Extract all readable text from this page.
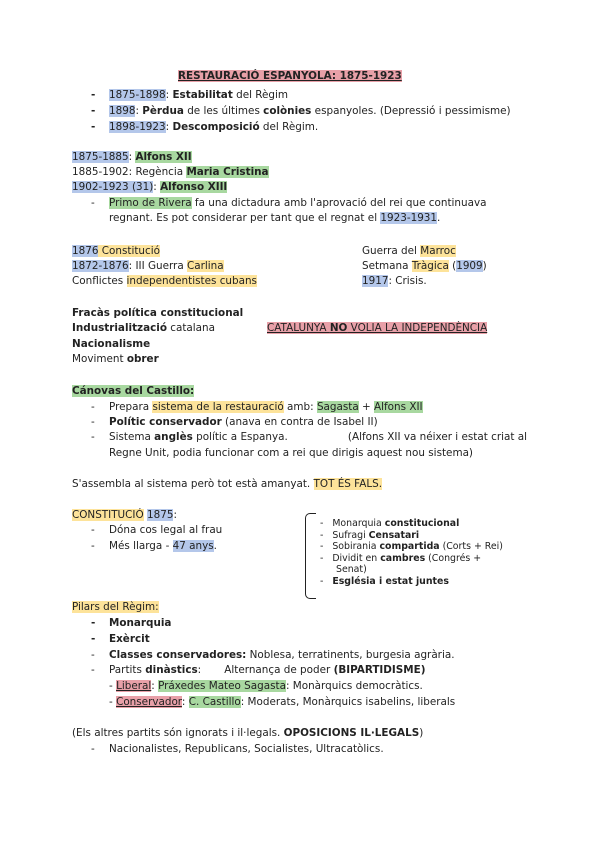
RESTAURACIÓ ESPANYOLA: 1875-1923
- 1875-1898: Estabilitat del Règim
- 1898: Pèrdua de les últimes colònies espanyoles. (Depressió i pessimisme)
- 1898-1923: Descomposició del Règim.
1875-1885: Alfons XII
1885-1902: Regència Maria Cristina
1902-1923 (31): Alfonso XIII
- Primo de Rivera fa una dictadura amb l'aprovació del rei que continuava
regnant. Es pot considerar per tant que el regnat el 1923-1931.
1876 Constitució
1872-1876: III Guerra Carlina
Conflictes independentistes cubans
Guerra del Marroc
Setmana Tràgica (1909)
1917: Crisis.
Fracàs política constitucional
Industrialització catalana	CATALUNYA NO VOLIA LA INDEPENDÈNCIA
Nacionalisme
Moviment obrer
Cánovas del Castillo:
- Prepara sistema de la restauració amb: Sagasta + Alfons XII
- Polític conservador (anava en contra de Isabel II)
- Sistema anglès polític a Espanya.	(Alfons XII va néixer i estat criat al
Regne Unit, podia funcionar com a rei que dirigis aquest nou sistema)
S'assembla al sistema però tot està amanyat. TOT ÉS FALS.
CONSTITUCIÓ 1875:
- Dóna cos legal al frau
- Més llarga - 47 anys.
-   Monarquia constitucional
-   Sufragi Censatari
-   Sobirania compartida (Corts + Rei)
-   Dividit en cambres (Congrés +
Senat)
-   Església i estat juntes
Pilars del Règim:
- Monarquia
- Exèrcit
- Classes conservadores: Noblesa, terratinents, burgesia agrària.
- Partits dinàstics:       Alternança de poder (BIPARTIDISME)
- Liberal: Práxedes Mateo Sagasta: Monàrquics democràtics.
- Conservador: C. Castillo: Moderats, Monàrquics isabelins, liberals
(Els altres partits són ignorats i il·legals. OPOSICIONS IL·LEGALS)
- Nacionalistes, Republicans, Socialistes, Ultracatòlics.
